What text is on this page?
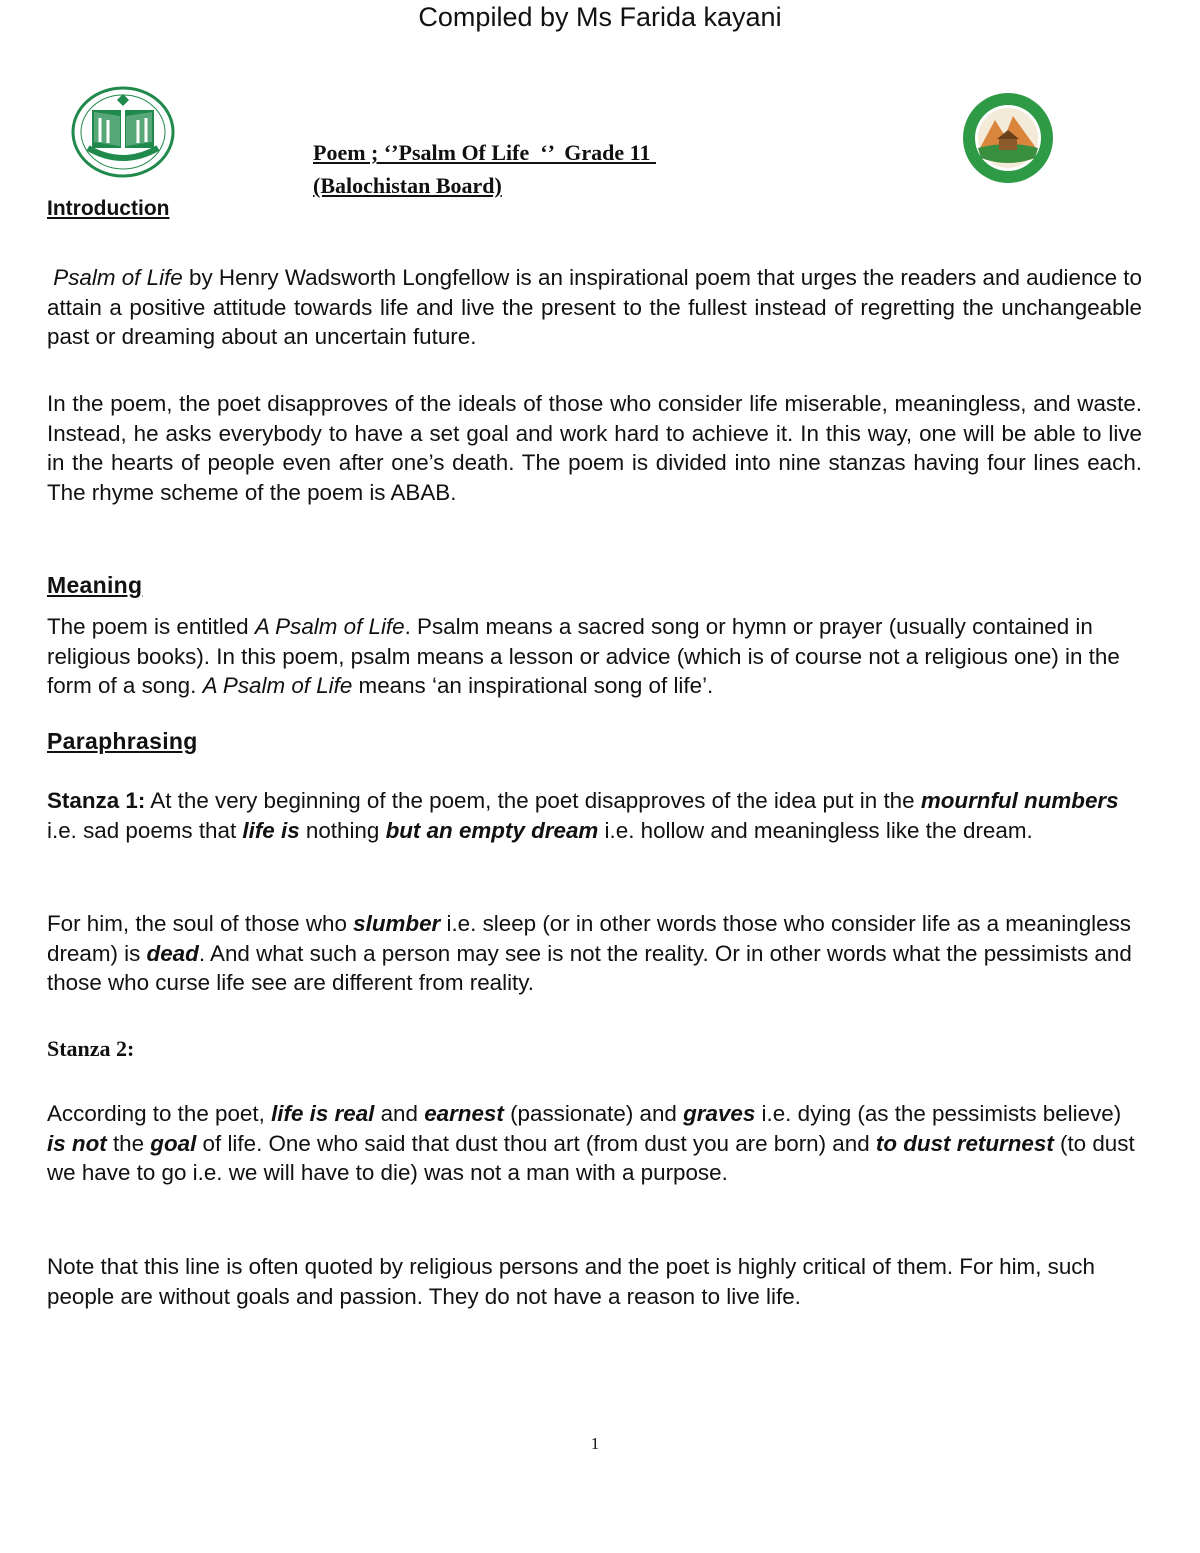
Compiled by Ms Farida kayani
Poem ; ‘’Psalm Of Life  ‘’  Grade 11
(Balochistan Board)
Introduction
Psalm of Life by Henry Wadsworth Longfellow is an inspirational poem that urges the readers and audience to attain a positive attitude towards life and live the present to the fullest instead of regretting the unchangeable past or dreaming about an uncertain future.
In the poem, the poet disapproves of the ideals of those who consider life miserable, meaningless, and waste. Instead, he asks everybody to have a set goal and work hard to achieve it. In this way, one will be able to live in the hearts of people even after one’s death. The poem is divided into nine stanzas having four lines each. The rhyme scheme of the poem is ABAB.
Meaning
The poem is entitled A Psalm of Life. Psalm means a sacred song or hymn or prayer (usually contained in religious books). In this poem, psalm means a lesson or advice (which is of course not a religious one) in the form of a song. A Psalm of Life means ‘an inspirational song of life’.
Paraphrasing
Stanza 1: At the very beginning of the poem, the poet disapproves of the idea put in the mournful numbers i.e. sad poems that life is nothing but an empty dream i.e. hollow and meaningless like the dream.
For him, the soul of those who slumber i.e. sleep (or in other words those who consider life as a meaningless dream) is dead. And what such a person may see is not the reality. Or in other words what the pessimists and those who curse life see are different from reality.
Stanza 2:
According to the poet, life is real and earnest (passionate) and graves i.e. dying (as the pessimists believe) is not the goal of life. One who said that dust thou art (from dust you are born) and to dust returnest (to dust we have to go i.e. we will have to die) was not a man with a purpose.
Note that this line is often quoted by religious persons and the poet is highly critical of them. For him, such people are without goals and passion. They do not have a reason to live life.
1
